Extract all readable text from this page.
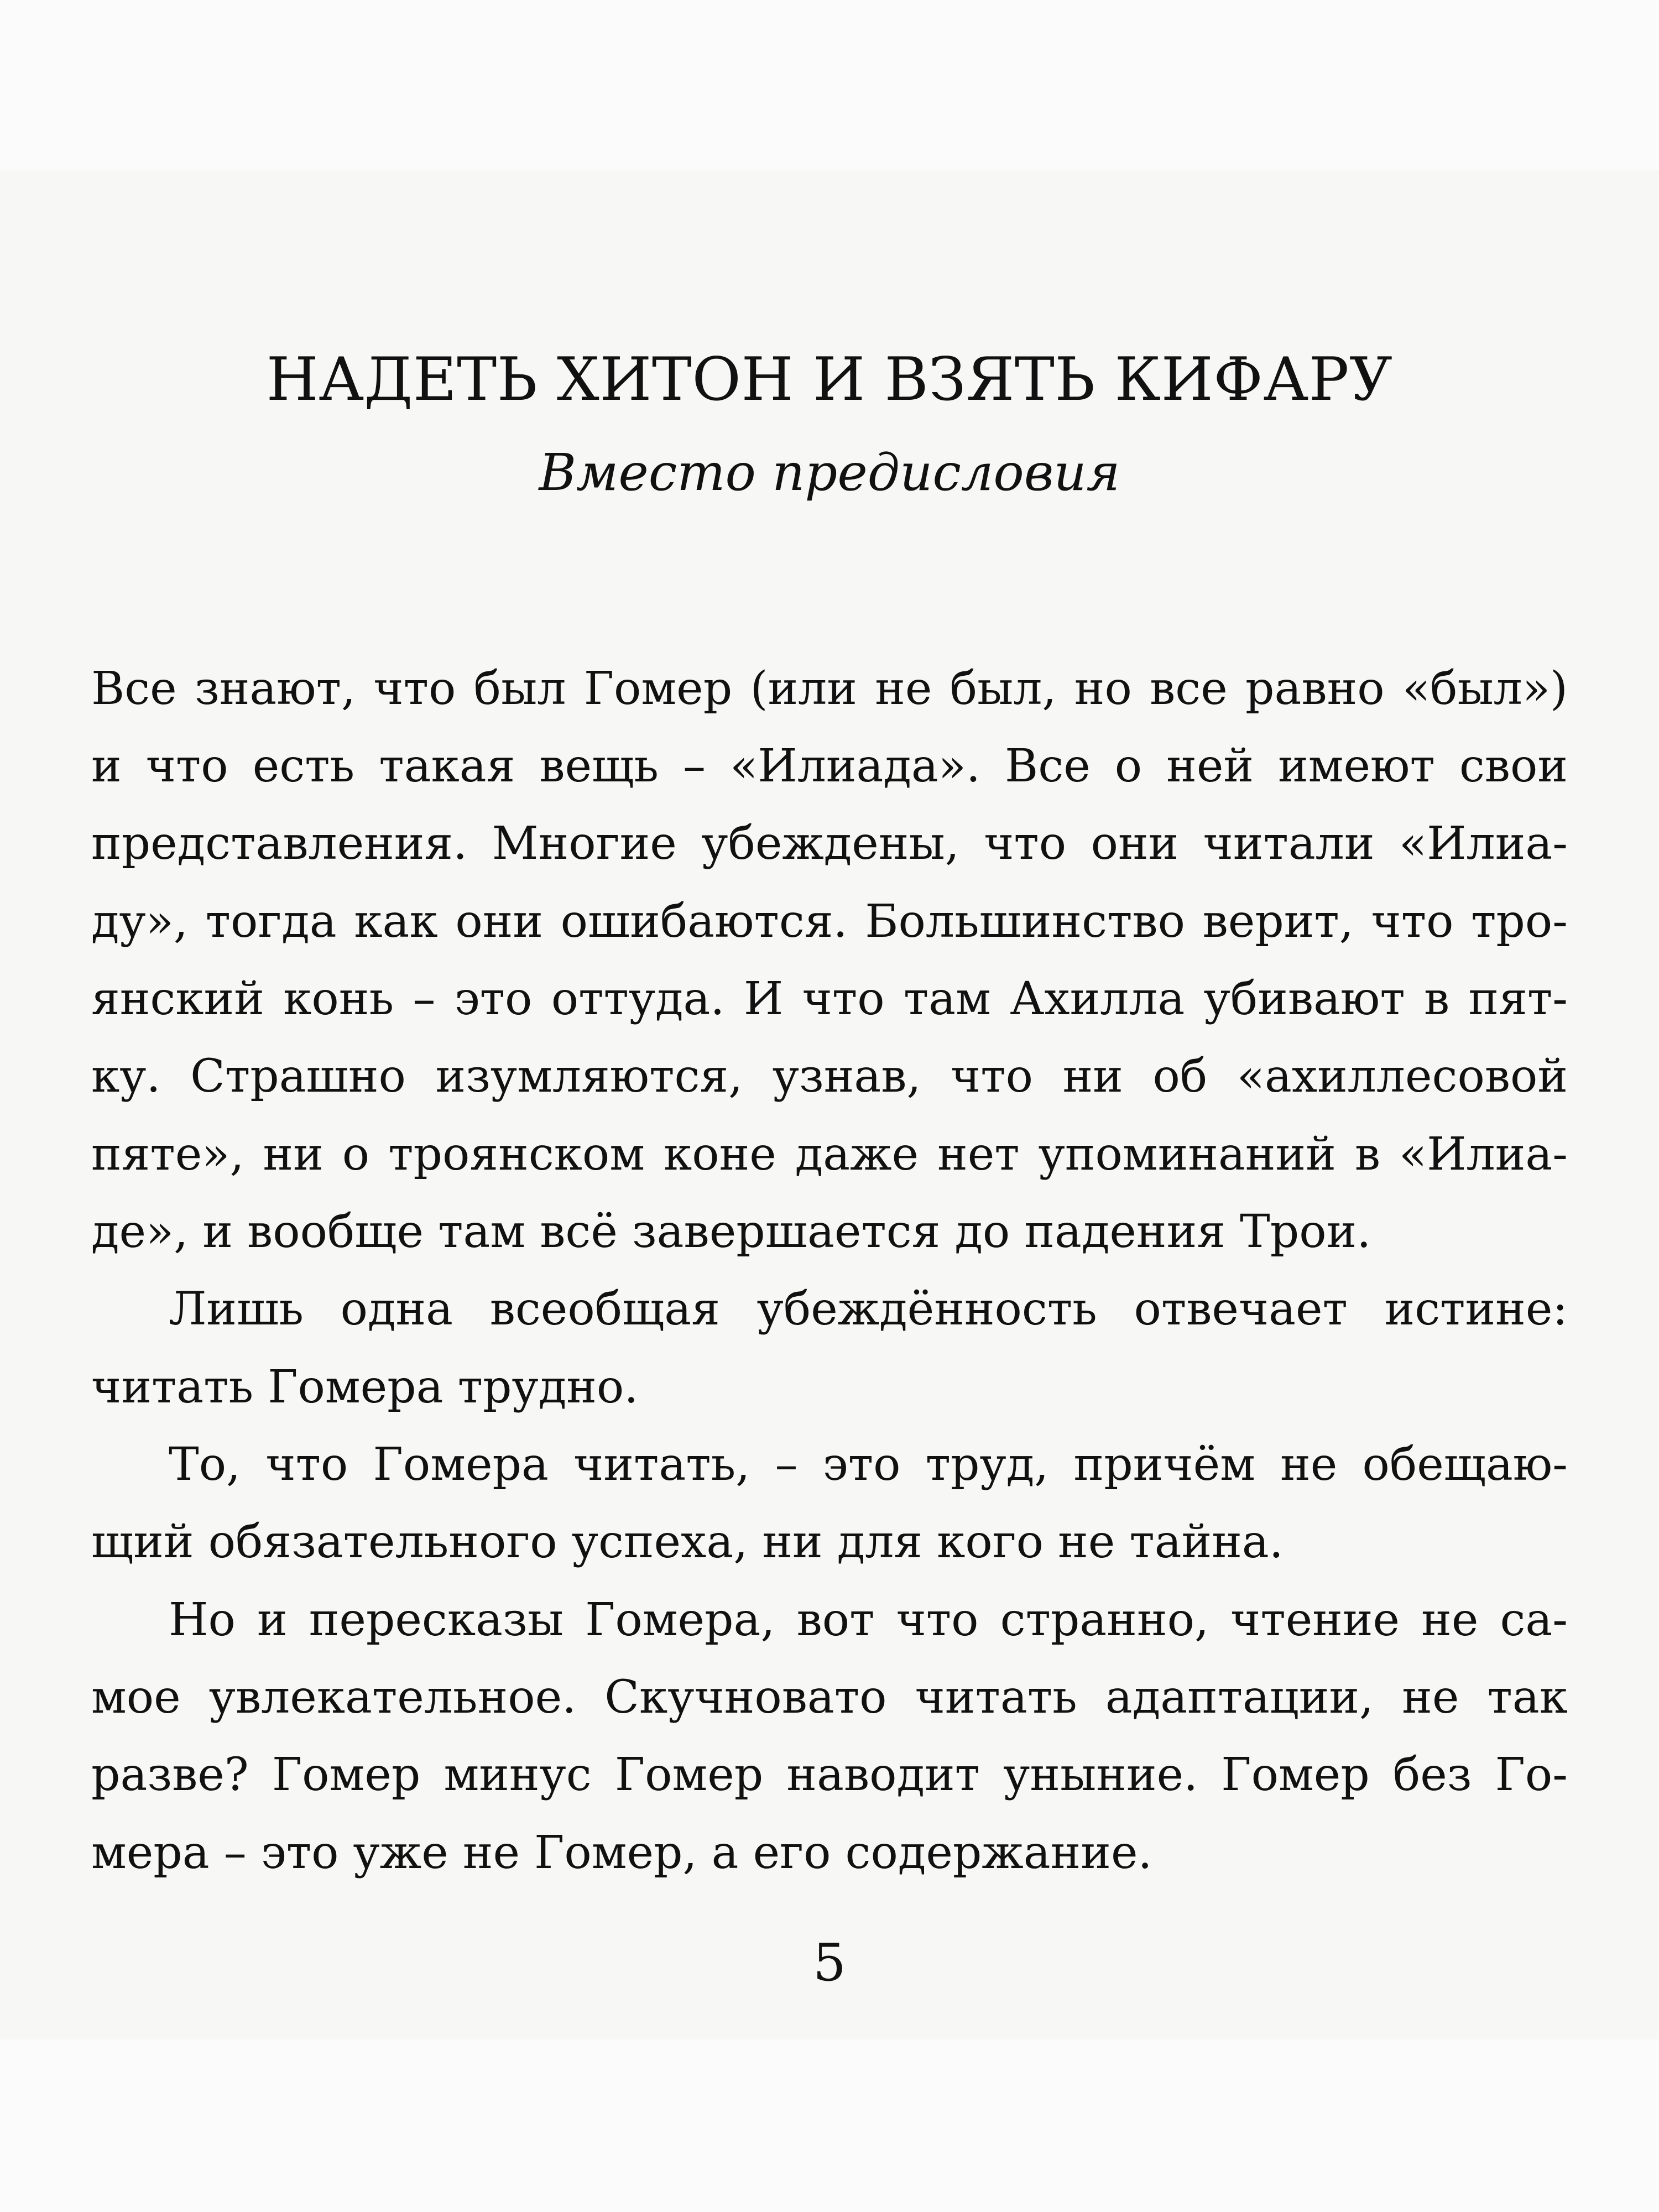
НАДЕТЬ ХИТОН И ВЗЯТЬ КИФАРУ
Вместо предисловия
Все знают, что был Гомер (или не был, но все равно «был»)
и что есть такая вещь – «Илиада». Все о ней имеют свои
представления. Многие убеждены, что они читали «Илиа-
ду», тогда как они ошибаются. Большинство верит, что тро-
янский конь – это оттуда. И что там Ахилла убивают в пят-
ку. Страшно изумляются, узнав, что ни об «ахиллесовой
пяте», ни о троянском коне даже нет упоминаний в «Илиа-
де», и вообще там всё завершается до падения Трои.
Лишь одна всеобщая убеждённость отвечает истине:
читать Гомера трудно.
То, что Гомера читать, – это труд, причём не обещаю-
щий обязательного успеха, ни для кого не тайна.
Но и пересказы Гомера, вот что странно, чтение не са-
мое увлекательное. Скучновато читать адаптации, не так
разве? Гомер минус Гомер наводит уныние. Гомер без Го-
мера – это уже не Гомер, а его содержание.
5
